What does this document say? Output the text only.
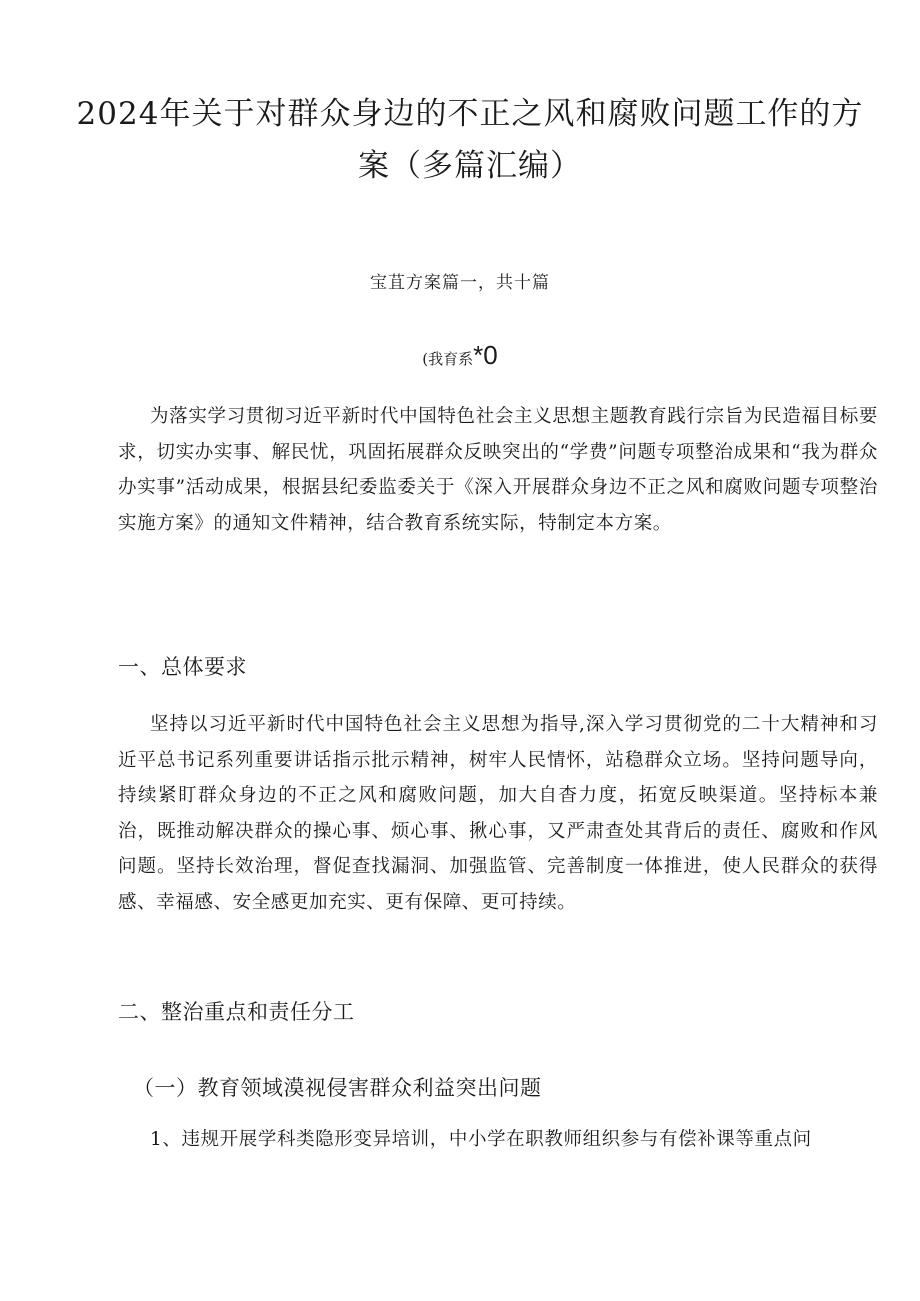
2024年关于对群众身边的不正之风和腐败问题工作的方案（多篇汇编）

宝苴方案篇一，共十篇

(我育系*0

为落实学习贯彻习近平新时代中国特色社会主义思想主题教育践行宗旨为民造福目标要求，切实办实事、解民忧，巩固拓展群众反映突出的“学费”问题专项整治成果和“我为群众办实事”活动成果，根据县纪委监委关于《深入开展群众身边不正之风和腐败问题专项整治实施方案》的通知文件精神，结合教育系统实际，特制定本方案。

一、总体要求

坚持以习近平新时代中国特色社会主义思想为指导,深入学习贯彻党的二十大精神和习近平总书记系列重要讲话指示批示精神，树牢人民情怀，站稳群众立场。坚持问题导向，持续紧盯群众身边的不正之风和腐败问题，加大自杳力度，拓宽反映渠道。坚持标本兼治，既推动解决群众的操心事、烦心事、揪心事，又严肃查处其背后的责任、腐败和作风问题。坚持长效治理，督促查找漏洞、加强监管、完善制度一体推进，使人民群众的获得感、幸福感、安全感更加充实、更有保障、更可持续。

二、整治重点和责任分工
（一）教育领域漠视侵害群众利益突出问题

1、违规开展学科类隐形变异培训，中小学在职教师组织参与有偿补课等重点问
